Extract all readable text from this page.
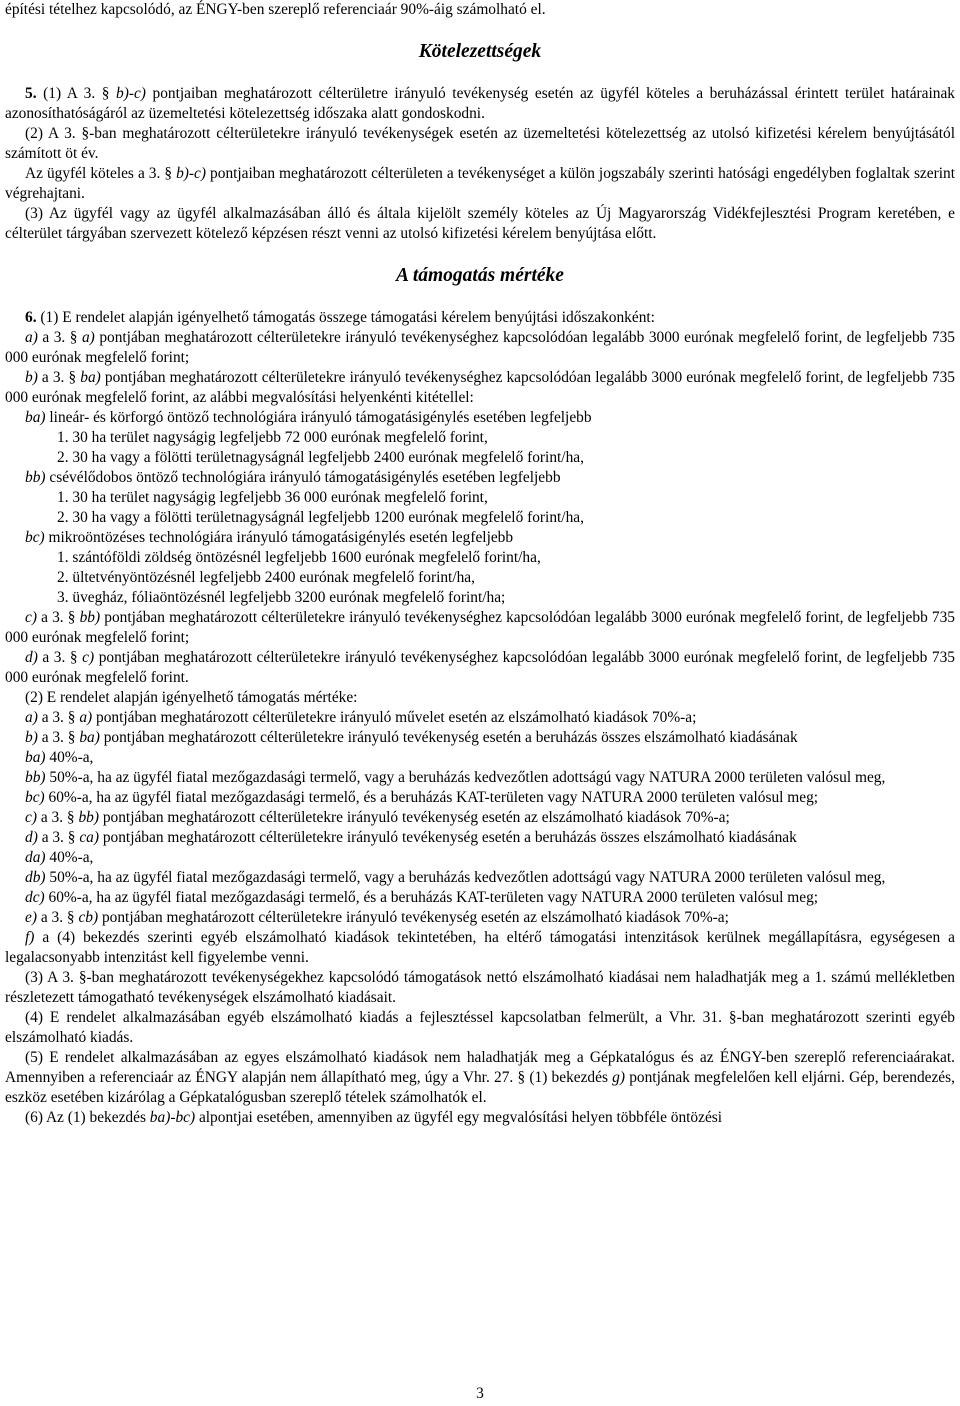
építési tételhez kapcsolódó, az ÉNGY-ben szereplő referenciaár 90%-áig számolható el.

Kötelezettségek

5. (1) A 3. § b)-c) pontjaiban meghatározott célterületre irányuló tevékenység esetén az ügyfél köteles a beruházással érintett terület határainak azonosíthatóságáról az üzemeltetési kötelezettség időszaka alatt gondoskodni.

(2) A 3. §-ban meghatározott célterületekre irányuló tevékenységek esetén az üzemeltetési kötelezettség az utolsó kifizetési kérelem benyújtásától számított öt év.

Az ügyfél köteles a 3. § b)-c) pontjaiban meghatározott célterületen a tevékenységet a külön jogszabály szerinti hatósági engedélyben foglaltak szerint végrehajtani.

(3) Az ügyfél vagy az ügyfél alkalmazásában álló és általa kijelölt személy köteles az Új Magyarország Vidékfejlesztési Program keretében, e célterület tárgyában szervezett kötelező képzésen részt venni az utolsó kifizetési kérelem benyújtása előtt.

A támogatás mértéke

6. (1) E rendelet alapján igényelhető támogatás összege támogatási kérelem benyújtási időszakonként:

a) a 3. § a) pontjában meghatározott célterületekre irányuló tevékenységhez kapcsolódóan legalább 3000 eurónak megfelelő forint, de legfeljebb 735 000 eurónak megfelelő forint;

b) a 3. § ba) pontjában meghatározott célterületekre irányuló tevékenységhez kapcsolódóan legalább 3000 eurónak megfelelő forint, de legfeljebb 735 000 eurónak megfelelő forint, az alábbi megvalósítási helyenkénti kitétellel:

ba) lineár- és körforgó öntöző technológiára irányuló támogatásigénylés esetében legfeljebb

1. 30 ha terület nagyságig legfeljebb 72 000 eurónak megfelelő forint,

2. 30 ha vagy a fölötti területnagyságnál legfeljebb 2400 eurónak megfelelő forint/ha,

bb) csévélődobos öntöző technológiára irányuló támogatásigénylés esetében legfeljebb

1. 30 ha terület nagyságig legfeljebb 36 000 eurónak megfelelő forint,

2. 30 ha vagy a fölötti területnagyságnál legfeljebb 1200 eurónak megfelelő forint/ha,

bc) mikroöntözéses technológiára irányuló támogatásigénylés esetén legfeljebb

1. szántóföldi zöldség öntözésnél legfeljebb 1600 eurónak megfelelő forint/ha,

2. ültetvényöntözésnél legfeljebb 2400 eurónak megfelelő forint/ha,

3. üvegház, fóliaöntözésnél legfeljebb 3200 eurónak megfelelő forint/ha;

c) a 3. § bb) pontjában meghatározott célterületekre irányuló tevékenységhez kapcsolódóan legalább 3000 eurónak megfelelő forint, de legfeljebb 735 000 eurónak megfelelő forint;

d) a 3. § c) pontjában meghatározott célterületekre irányuló tevékenységhez kapcsolódóan legalább 3000 eurónak megfelelő forint, de legfeljebb 735 000 eurónak megfelelő forint.

(2) E rendelet alapján igényelhető támogatás mértéke:

a) a 3. § a) pontjában meghatározott célterületekre irányuló művelet esetén az elszámolható kiadások 70%-a;

b) a 3. § ba) pontjában meghatározott célterületekre irányuló tevékenység esetén a beruházás összes elszámolható kiadásának

ba) 40%-a,

bb) 50%-a, ha az ügyfél fiatal mezőgazdasági termelő, vagy a beruházás kedvezőtlen adottságú vagy NATURA 2000 területen valósul meg,

bc) 60%-a, ha az ügyfél fiatal mezőgazdasági termelő, és a beruházás KAT-területen vagy NATURA 2000 területen valósul meg;

c) a 3. § bb) pontjában meghatározott célterületekre irányuló tevékenység esetén az elszámolható kiadások 70%-a;

d) a 3. § ca) pontjában meghatározott célterületekre irányuló tevékenység esetén a beruházás összes elszámolható kiadásának

da) 40%-a,

db) 50%-a, ha az ügyfél fiatal mezőgazdasági termelő, vagy a beruházás kedvezőtlen adottságú vagy NATURA 2000 területen valósul meg,

dc) 60%-a, ha az ügyfél fiatal mezőgazdasági termelő, és a beruházás KAT-területen vagy NATURA 2000 területen valósul meg;

e) a 3. § cb) pontjában meghatározott célterületekre irányuló tevékenység esetén az elszámolható kiadások 70%-a;

f) a (4) bekezdés szerinti egyéb elszámolható kiadások tekintetében, ha eltérő támogatási intenzitások kerülnek megállapításra, egységesen a legalacsonyabb intenzitást kell figyelembe venni.

(3) A 3. §-ban meghatározott tevékenységekhez kapcsolódó támogatások nettó elszámolható kiadásai nem haladhatják meg a 1. számú mellékletben részletezett támogatható tevékenységek elszámolható kiadásait.

(4) E rendelet alkalmazásában egyéb elszámolható kiadás a fejlesztéssel kapcsolatban felmerült, a Vhr. 31. §-ban meghatározott szerinti egyéb elszámolható kiadás.

(5) E rendelet alkalmazásában az egyes elszámolható kiadások nem haladhatják meg a Gépkatalógus és az ÉNGY-ben szereplő referenciaárakat. Amennyiben a referenciaár az ÉNGY alapján nem állapítható meg, úgy a Vhr. 27. § (1) bekezdés g) pontjának megfelelően kell eljárni. Gép, berendezés, eszköz esetében kizárólag a Gépkatalógusban szereplő tételek számolhatók el.

(6) Az (1) bekezdés ba)-bc) alpontjai esetében, amennyiben az ügyfél egy megvalósítási helyen többféle öntözési

3
